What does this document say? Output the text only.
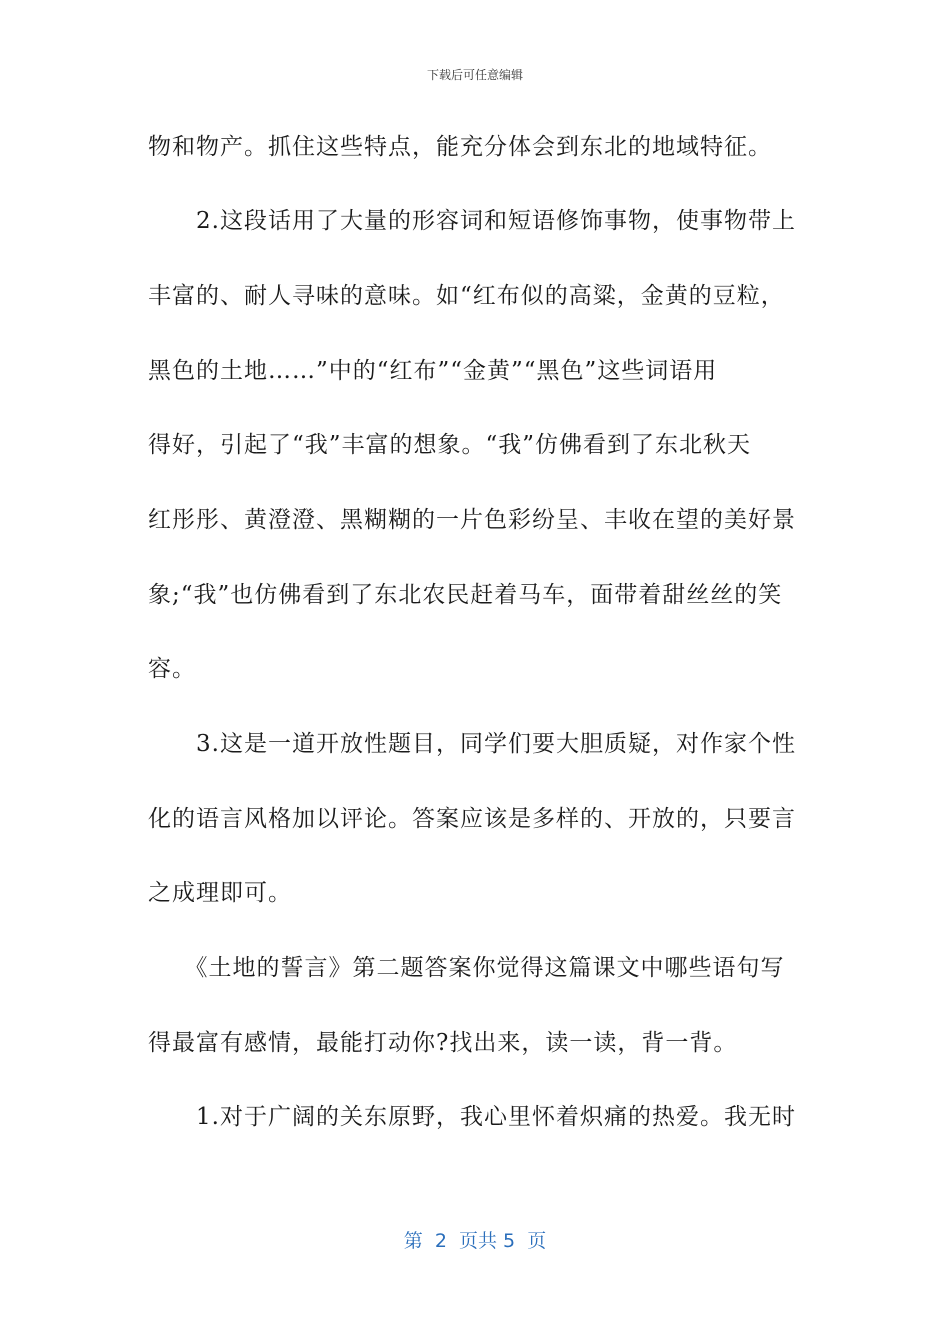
下载后可任意编辑
物和物产。抓住这些特点，能充分体会到东北的地域特征。
　　2.这段话用了大量的形容词和短语修饰事物，使事物带上
丰富的、耐人寻味的意味。如“红布似的高粱，金黄的豆粒，
黑色的土地……”中的“红布”“金黄”“黑色”这些词语用
得好，引起了“我”丰富的想象。“我”仿佛看到了东北秋天
红彤彤、黄澄澄、黑糊糊的一片色彩纷呈、丰收在望的美好景
象;“我”也仿佛看到了东北农民赶着马车，面带着甜丝丝的笑
容。
　　3.这是一道开放性题目，同学们要大胆质疑，对作家个性
化的语言风格加以评论。答案应该是多样的、开放的，只要言
之成理即可。
　　《土地的誓言》第二题答案你觉得这篇课文中哪些语句写
得最富有感情，最能打动你?找出来，读一读，背一背。
　　1.对于广阔的关东原野，我心里怀着炽痛的热爱。我无时
第  2  页共 5  页
